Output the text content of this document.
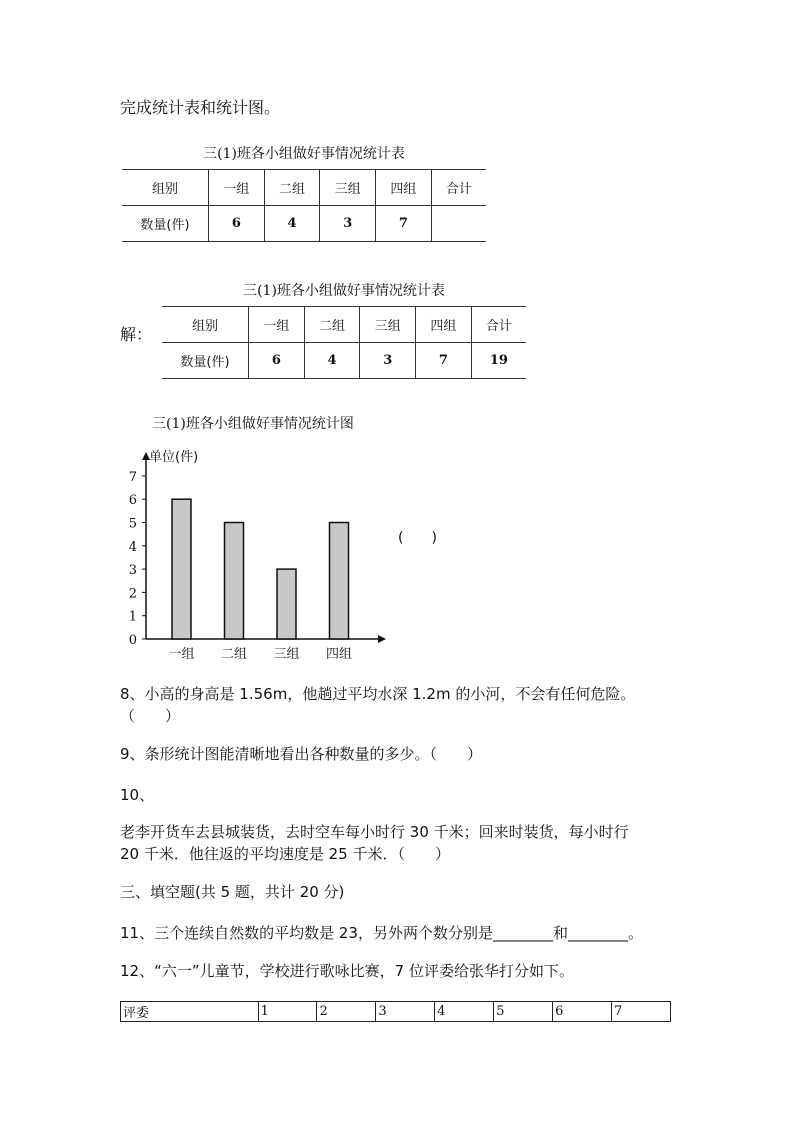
完成统计表和统计图。
三(1)班各小组做好事情况统计表
组别	一组	二组	三组	四组	合计
数量(件)	6	4	3	7	
解：
三(1)班各小组做好事情况统计表
组别	一组	二组	三组	四组	合计
数量(件)	6	4	3	7	19
三(1)班各小组做好事情况统计图
单位(件)
0
1
2
3
4
5
6
7
一组 二组 三组 四组
(　　)
8、小高的身高是 1.56m，他趟过平均水深 1.2m 的小河，不会有任何危险。
（　　）
9、条形统计图能清晰地看出各种数量的多少。（　　）
10、
老李开货车去县城装货，去时空车每小时行 30 千米；回来时装货，每小时行
20 千米．他往返的平均速度是 25 千米．（　　）
三、填空题(共 5 题，共计 20 分)
11、三个连续自然数的平均数是 23，另外两个数分别是________和________。
12、“六一”儿童节，学校进行歌咏比赛，7 位评委给张华打分如下。
评委	1	2	3	4	5	6	7
